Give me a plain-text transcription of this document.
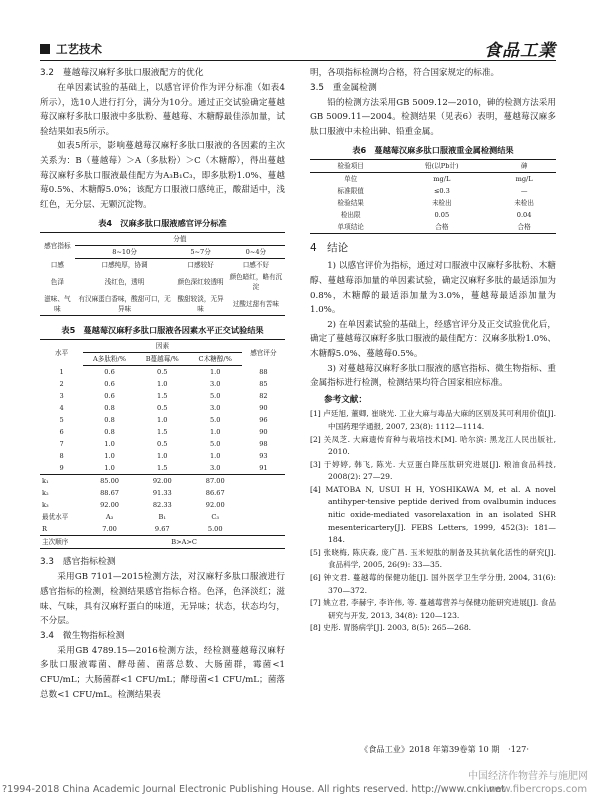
工艺技术	食品工業

3.2　蔓越莓汉麻籽多肽口服液配方的优化

在单因素试验的基础上，以感官评价作为评分标准（如表4所示），选10人进行打分，满分为10分。通过正交试验确定蔓越莓汉麻籽多肽口服液中多肽粉、蔓越莓、木糖醇最佳添加量，试验结果如表5所示。

如表5所示，影响蔓越莓汉麻籽多肽口服液的各因素的主次关系为：B（蔓越莓）＞A（多肽粉）＞C（木糖醇），得出蔓越莓汉麻籽多肽口服液最佳配方为A₃B₁C₃，即多肽粉1.0%、蔓越莓0.5%、木糖醇5.0%；该配方口服液口感纯正，酸甜适中，浅红色，无分层、无颗沉淀物。

表4　汉麻多肽口服液感官评分标准

感官指标	分值		
	8~10分	5~7分	0~4分
口感	口感纯厚，协调	口感较好	口感不好
色泽	浅红色，透明	颜色深红较透明	颜色暗红，略有沉淀
滋味、气味	有汉麻蛋白香味，酸甜可口，无异味	酸甜较淡，无异味	过酸过甜有苦味

表5　蔓越莓汉麻籽多肽口服液各因素水平正交试验结果

水平	因素			感官评分
	A多肽粉/%	B蔓越莓/%	C木糖醇/%	
1	0.6	0.5	1.0	88
2	0.6	1.0	3.0	85
3	0.6	1.5	5.0	82
4	0.8	0.5	3.0	90
5	0.8	1.0	5.0	96
6	0.8	1.5	1.0	90
7	1.0	0.5	5.0	98
8	1.0	1.0	1.0	93
9	1.0	1.5	3.0	91
k₁	85.00	92.00	87.00	
k₂	88.67	91.33	86.67	
k₃	92.00	82.33	92.00	
最优水平	A₃	B₁	C₃	
R	7.00	9.67	5.00	
主次顺序	B>A>C			

3.3　感官指标检测

采用GB 7101—2015检测方法，对汉麻籽多肽口服液进行感官指标的检测，检测结果感官指标合格。色泽，色泽淡红；滋味、气味，具有汉麻籽蛋白的味道，无异味；状态，状态均匀，不分层。

3.4　微生物指标检测

采用GB 4789.15—2016检测方法，经检测蔓越莓汉麻籽多肽口服液霉菌、酵母菌、菌落总数、大肠菌群，霉菌<1 CFU/mL；大肠菌群<1 CFU/mL；酵母菌<1 CFU/mL；菌落总数<1 CFU/mL。检测结果表

明，各项指标检测均合格，符合国家规定的标准。

3.5　重金属检测

铅的检测方法采用GB 5009.12—2010，砷的检测方法采用GB 5009.11—2004。检测结果（见表6）表明，蔓越莓汉麻多肽口服液中未检出砷、铅重金属。

表6　蔓越莓汉麻多肽口服液重金属检测结果

检验项目	铅(以Pb计)	砷
单位	mg/L	mg/L
标准限值	≤0.3	—
检验结果	未检出	未检出
检出限	0.05	0.04
单项结论	合格	合格

4　结论

1) 以感官评价为指标，通过对口服液中汉麻籽多肽粉、木糖醇、蔓越莓添加量的单因素试验，确定汉麻籽多肽的最适添加为0.8%，木糖醇的最适添加量为3.0%，蔓越莓最适添加量为1.0%。

2) 在单因素试验的基础上，经感官评分及正交试验优化后，确定了蔓越莓汉麻籽多肽口服液的最佳配方：汉麻多肽粉1.0%、木糖醇5.0%、蔓越莓0.5%。

3) 对蔓越莓汉麻籽多肽口服液的感官指标、微生物指标、重金属指标进行检测，检测结果均符合国家相应标准。

参考文献：

[1] 卢廷旭, 董卿, 崔晓光. 工业大麻与毒品大麻的区别及其可利用价值[J]. 中国药理学通报, 2007, 23(8): 1112—1114.

[2] 关凤芝. 大麻遗传育种与栽培技术[M]. 哈尔滨: 黑龙江人民出版社, 2010.

[3] 于婷婷, 韩飞, 陈光. 大豆蛋白降压肽研究进展[J]. 粮油食品科技, 2008(2): 27—29.

[4] MATOBA N, USUI H H, YOSHIKAWA M, et al. A novel antihyper-tensive peptide derived from ovalbumin induces nitic oxide-mediated vasorelaxation in an isolated SHR mesentericartery[J]. FEBS Letters, 1999, 452(3): 181—184.

[5] 张晓梅, 陈庆森, 庞广昌. 玉米短肽的制备及其抗氧化活性的研究[J]. 食品科学, 2005, 26(9): 33—35.

[6] 钟文君. 蔓越莓的保健功能[J]. 国外医学卫生学分册, 2004, 31(6): 370—372.

[7] 姚立君, 李赫宇, 李许伟, 等. 蔓越莓营养与保健功能研究进展[J]. 食品研究与开发, 2013, 34(8): 120—123.

[8] 史彤. 胃肠病学[J]. 2003, 8(5): 265—268.

《食品工业》2018 年第39卷第 10 期 ·127·
中国经济作物营养与施肥网
www.fibercrops.com
?1994-2018 China Academic Journal Electronic Publishing House. All rights reserved. http://www.cnki.net
